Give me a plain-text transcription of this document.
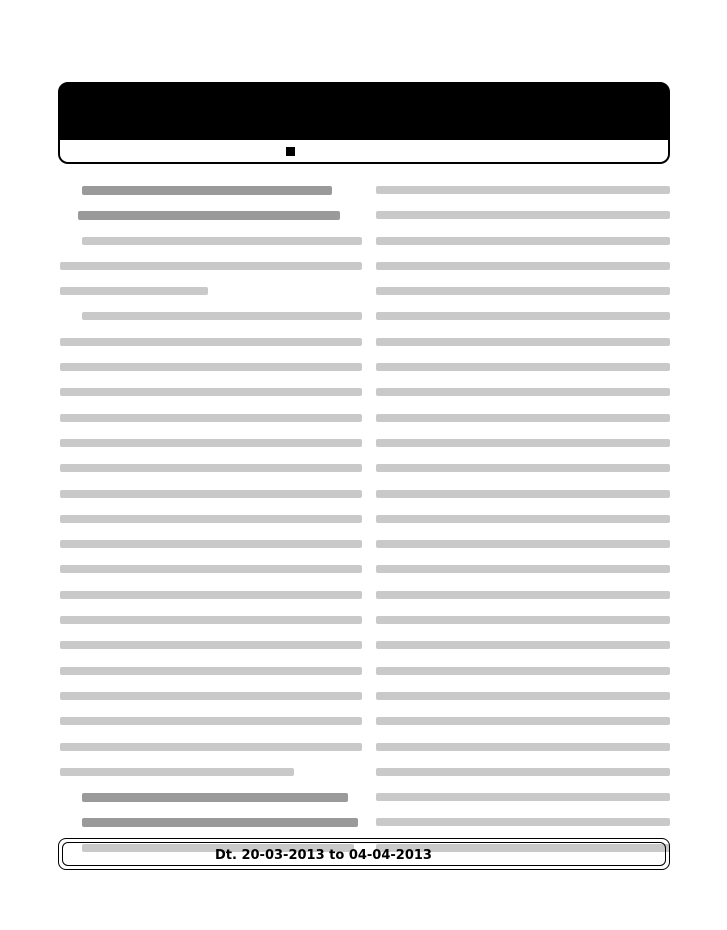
Dt. 20-03-2013 to 04-04-2013
